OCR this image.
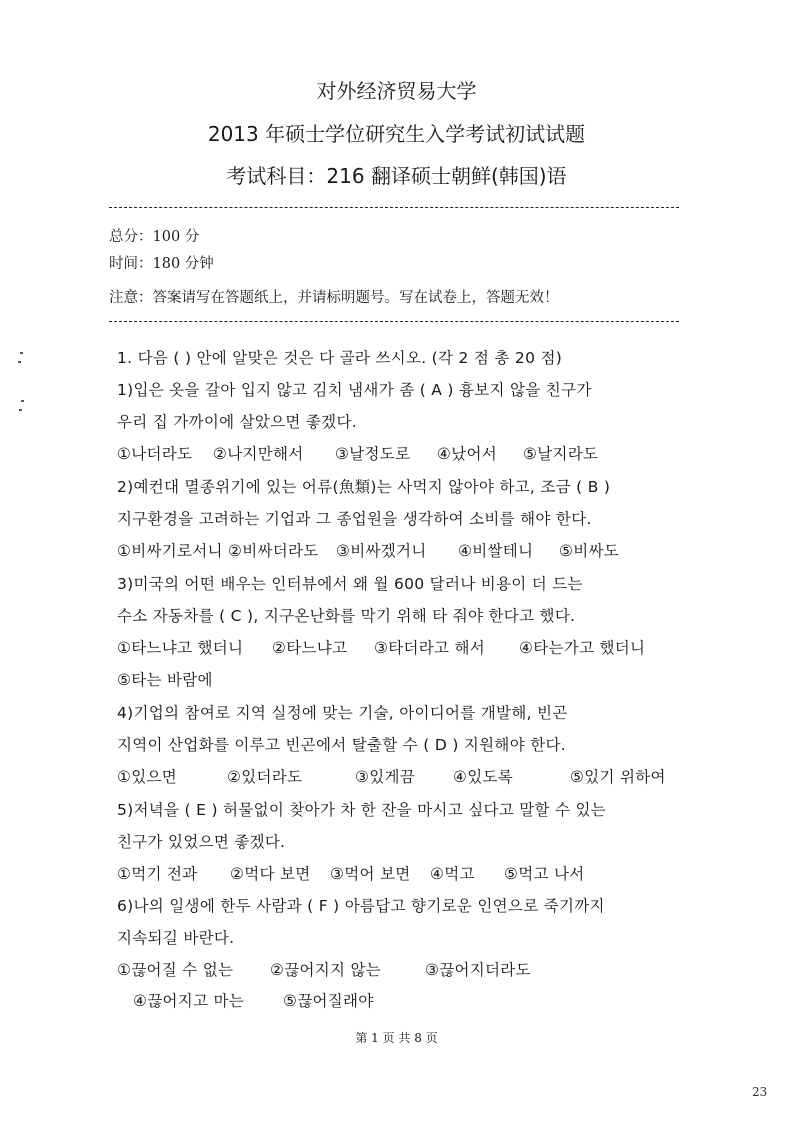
对外经济贸易大学
2013 年硕士学位研究生入学考试初试试题
考试科目：216 翻译硕士朝鲜(韩国)语
总分：100 分
时间：180 分钟
注意：答案请写在答题纸上，并请标明题号。写在试卷上，答题无效！
1. 다음 ( ) 안에 알맞은 것은 다 골라 쓰시오. (각 2 점 총 20 점)
1)입은 옷을 갈아 입지 않고 김치 냄새가 좀 ( A ) 흉보지 않을 친구가
우리 집 가까이에 살았으면 좋겠다.
①나더라도	②나지만해서	③날정도로	④났어서	⑤날지라도
2)예컨대 멸종위기에 있는 어류(魚類)는 사먹지 않아야 하고, 조금 ( B )
지구환경을 고려하는 기업과 그 종업원을 생각하여 소비를 해야 한다.
①비싸기로서니 ②비싸더라도	③비싸겠거니	④비쌀테니	⑤비싸도
3)미국의 어떤 배우는 인터뷰에서 왜 월 600 달러나 비용이 더 드는
수소 자동차를 ( C ), 지구온난화를 막기 위해 타 줘야 한다고 했다.
①타느냐고 했더니	②타느냐고	③타더라고 해서	④타는가고 했더니
⑤타는 바람에
4)기업의 참여로 지역 실정에 맞는 기술, 아이디어를 개발해, 빈곤
지역이 산업화를 이루고 빈곤에서 탈출할 수 ( D ) 지원해야 한다.
①있으면	②있더라도	③있게끔	④있도록	⑤있기 위하여
5)저녁을 ( E ) 허물없이 찾아가 차 한 잔을 마시고 싶다고 말할 수 있는
친구가 있었으면 좋겠다.
①먹기 전과	②먹다 보면	③먹어 보면	④먹고	⑤먹고 나서
6)나의 일생에 한두 사람과 ( F ) 아름답고 향기로운 인연으로 죽기까지
지속되길 바란다.
①끊어질 수 없는	②끊어지지 않는	③끊어지더라도
④끊어지고 마는	⑤끊어질래야
第 1 页 共 8 页
23
